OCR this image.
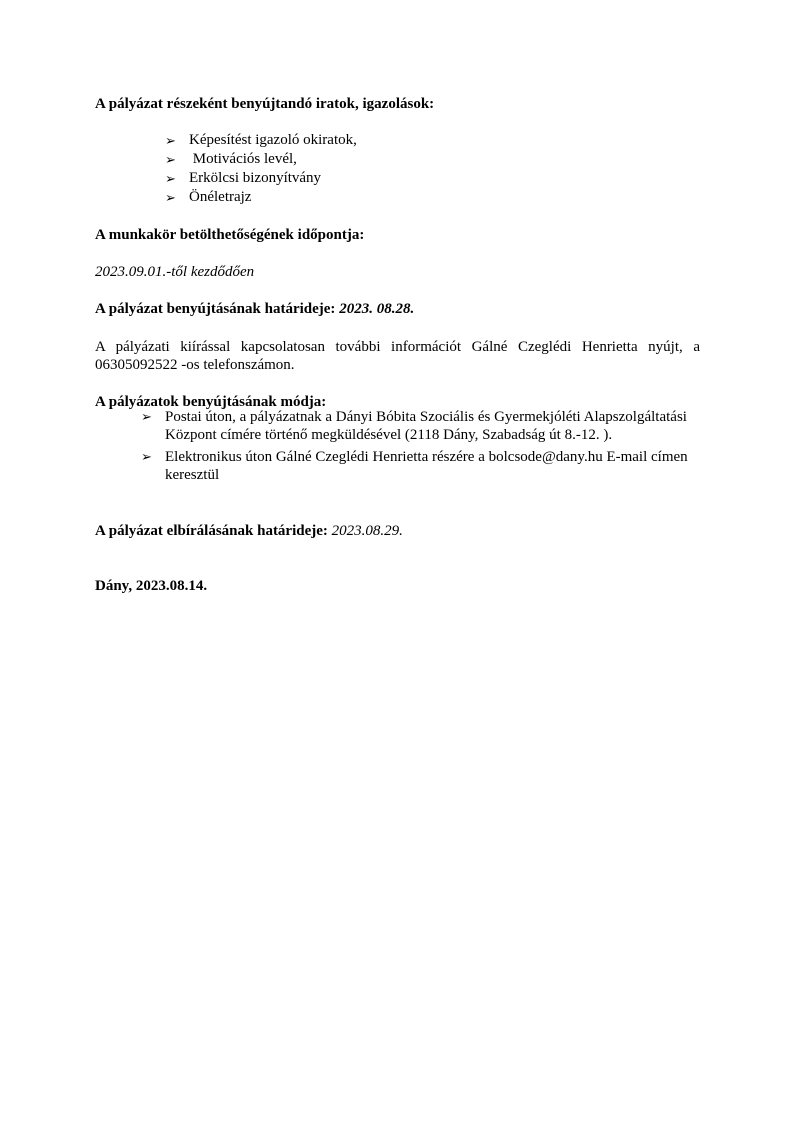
A pályázat részeként benyújtandó iratok, igazolások:
➢ Képesítést igazoló okiratok,
➢ Motivációs levél,
➢ Erkölcsi bizonyítvány
➢ Önéletrajz
A munkakör betölthetőségének időpontja:
2023.09.01.-től kezdődően
A pályázat benyújtásának határideje: 2023. 08.28.
A pályázati kiírással kapcsolatosan további információt Gálné Czeglédi Henrietta nyújt, a
06305092522 -os telefonszámon.
A pályázatok benyújtásának módja:
➢ Postai úton, a pályázatnak a Dányi Bóbita Szociális és Gyermekjóléti Alapszolgáltatási Központ címére történő megküldésével (2118 Dány, Szabadság út 8.-12. ).
➢ Elektronikus úton Gálné Czeglédi Henrietta részére a bolcsode@dany.hu E-mail címen keresztül
A pályázat elbírálásának határideje: 2023.08.29.
Dány, 2023.08.14.
